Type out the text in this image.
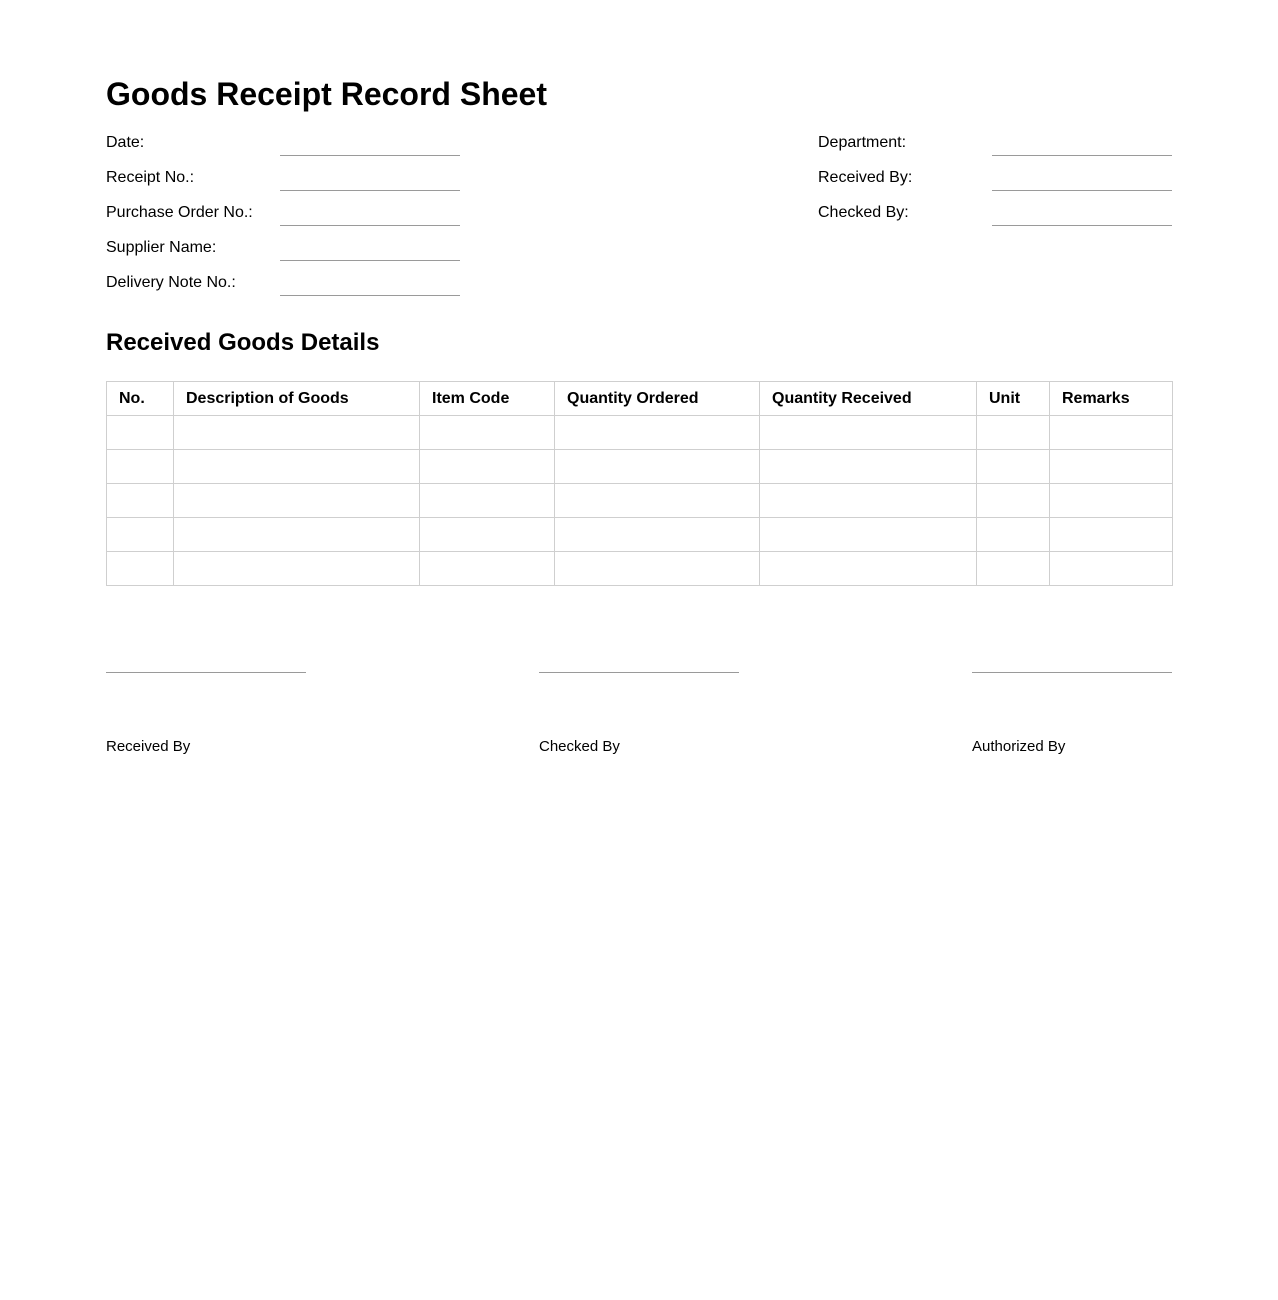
Goods Receipt Record Sheet
Date:
Receipt No.:
Purchase Order No.:
Supplier Name:
Delivery Note No.:
Department:
Received By:
Checked By:
Received Goods Details
No.	Description of Goods	Item Code	Quantity Ordered	Quantity Received	Unit	Remarks

Received By	Checked By	Authorized By
